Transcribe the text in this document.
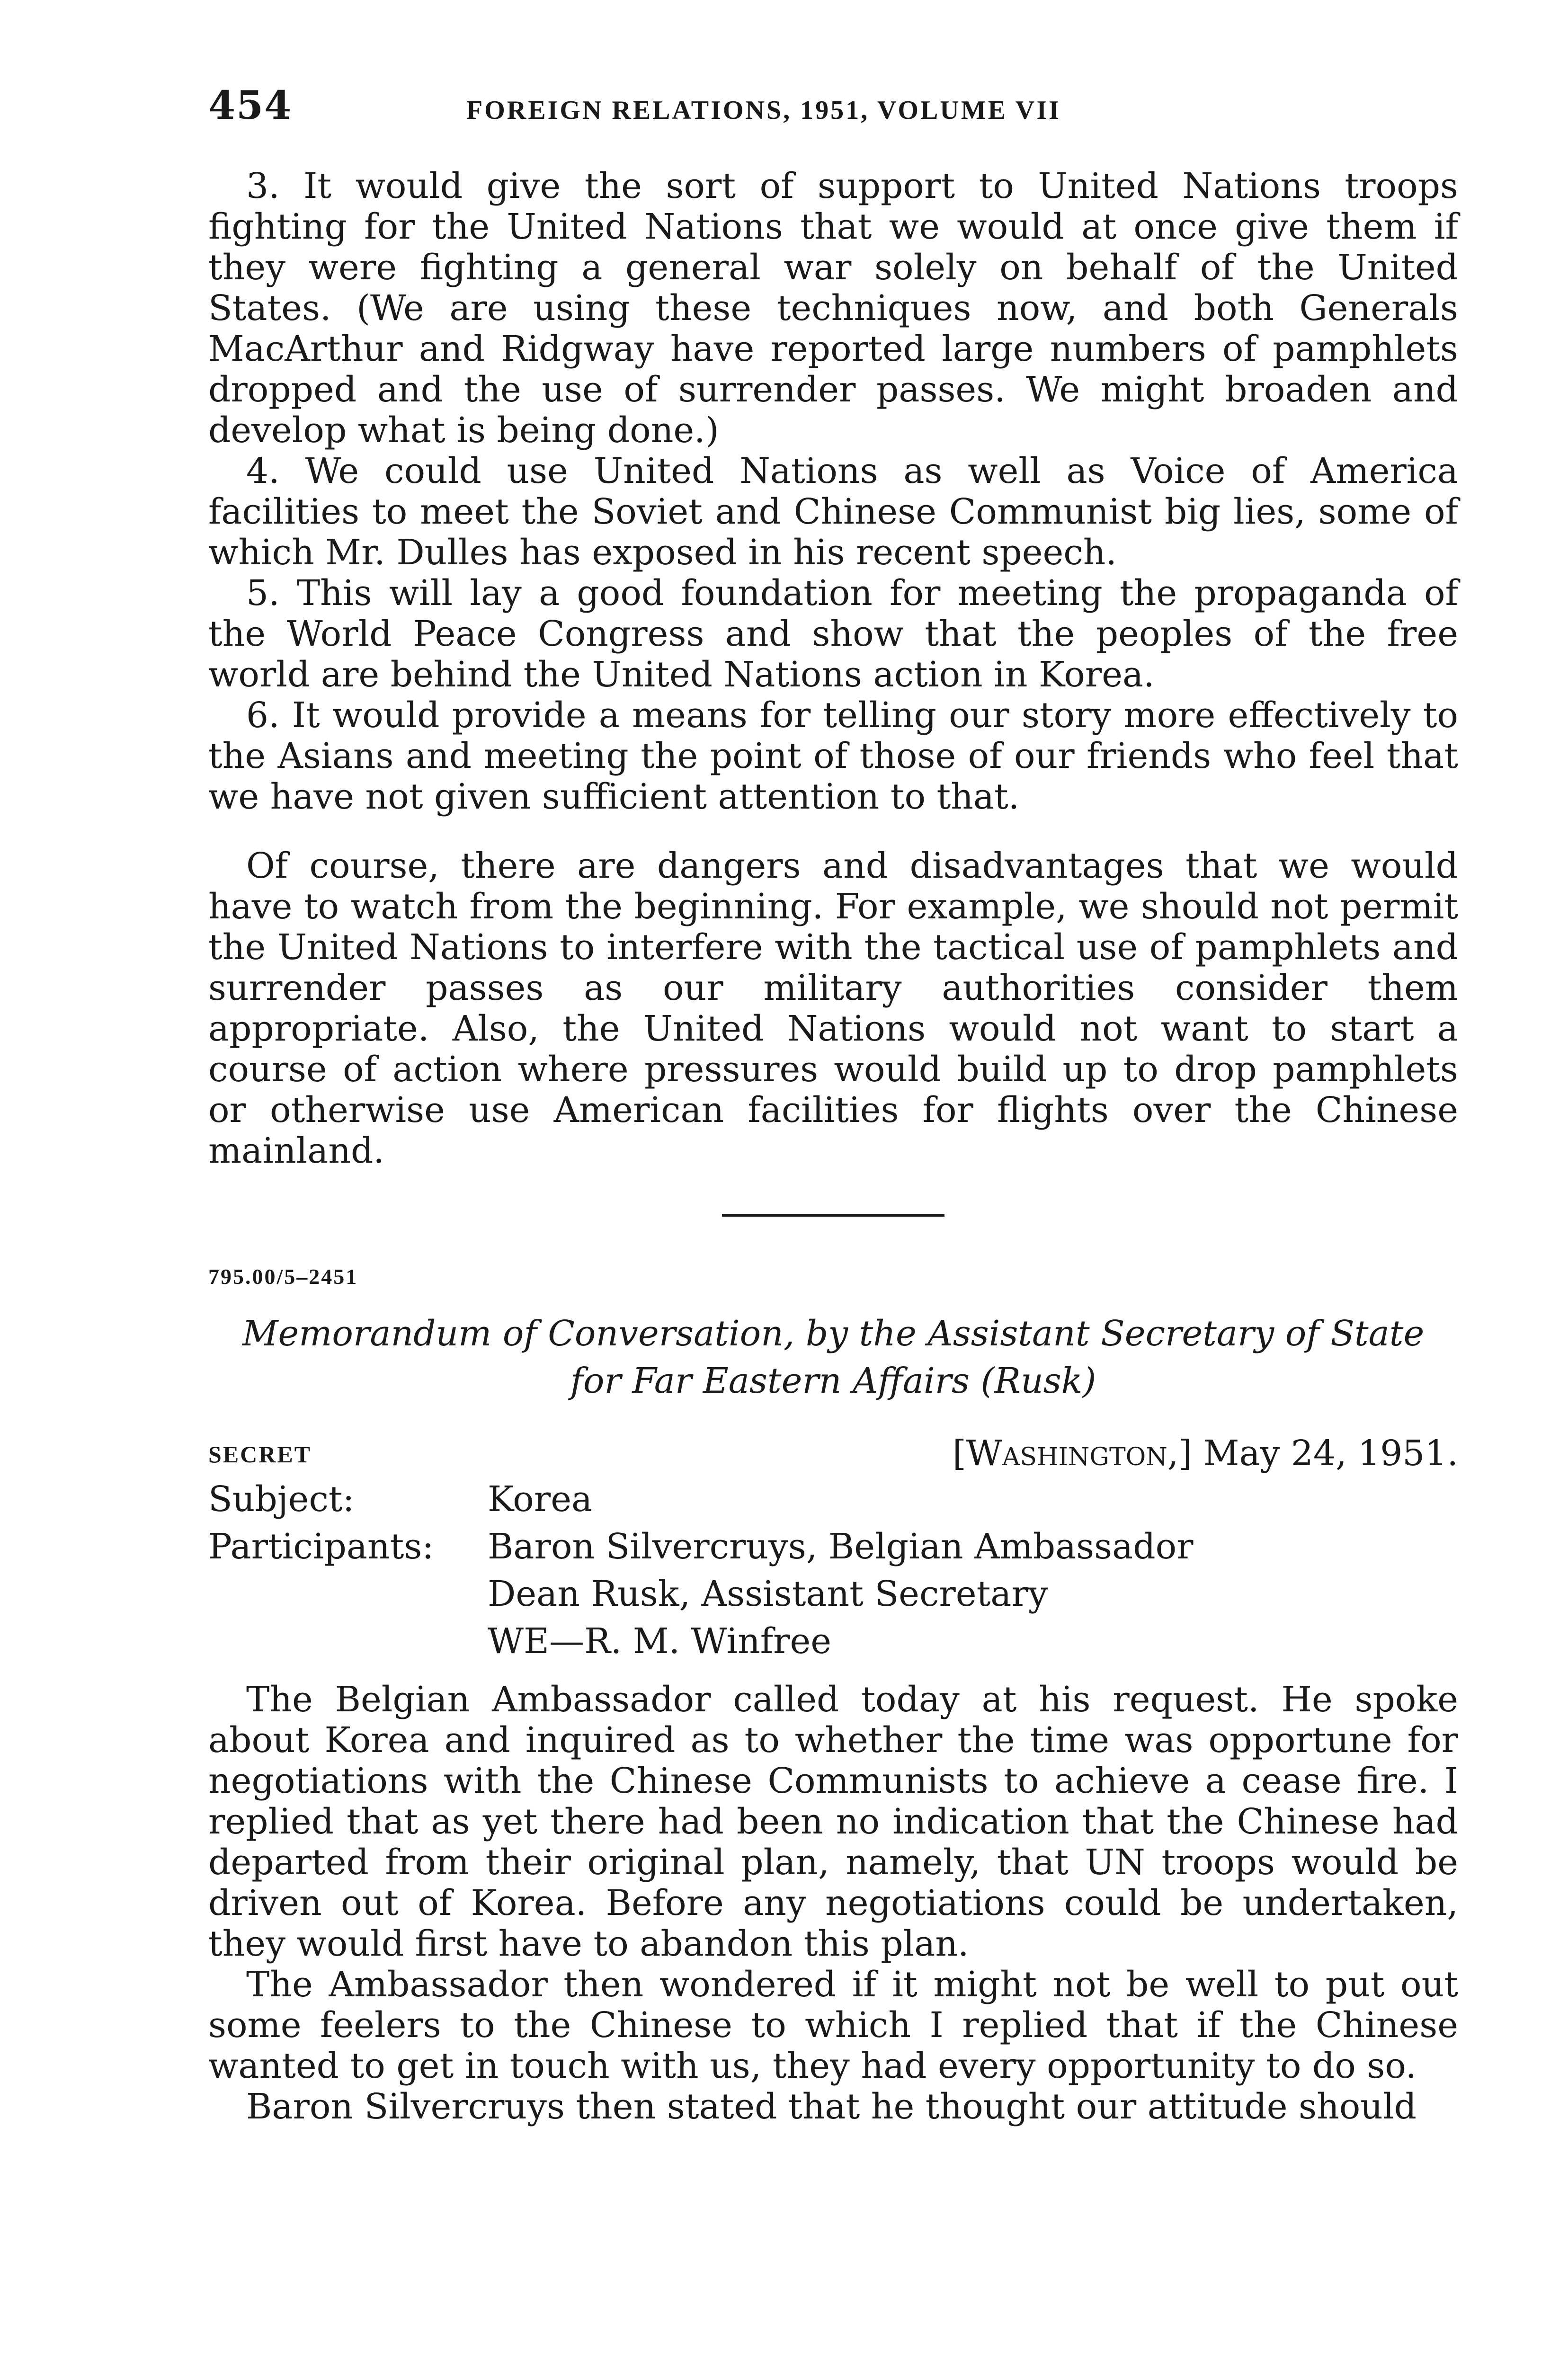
454	FOREIGN RELATIONS, 1951, VOLUME VII

3. It would give the sort of support to United Nations troops fighting for the United Nations that we would at once give them if they were fighting a general war solely on behalf of the United States. (We are using these techniques now, and both Generals MacArthur and Ridgway have reported large numbers of pamphlets dropped and the use of surrender passes. We might broaden and develop what is being done.)

4. We could use United Nations as well as Voice of America facilities to meet the Soviet and Chinese Communist big lies, some of which Mr. Dulles has exposed in his recent speech.

5. This will lay a good foundation for meeting the propaganda of the World Peace Congress and show that the peoples of the free world are behind the United Nations action in Korea.

6. It would provide a means for telling our story more effectively to the Asians and meeting the point of those of our friends who feel that we have not given sufficient attention to that.

Of course, there are dangers and disadvantages that we would have to watch from the beginning. For example, we should not permit the United Nations to interfere with the tactical use of pamphlets and surrender passes as our military authorities consider them appropriate. Also, the United Nations would not want to start a course of action where pressures would build up to drop pamphlets or otherwise use American facilities for flights over the Chinese mainland.

795.00/5–2451
Memorandum of Conversation, by the Assistant Secretary of State
for Far Eastern Affairs (Rusk)
SECRET	[Washington,] May 24, 1951.
Subject:	Korea
Participants:	Baron Silvercruys, Belgian Ambassador
Dean Rusk, Assistant Secretary
WE—R. M. Winfree

The Belgian Ambassador called today at his request. He spoke about Korea and inquired as to whether the time was opportune for negotiations with the Chinese Communists to achieve a cease fire. I replied that as yet there had been no indication that the Chinese had departed from their original plan, namely, that UN troops would be driven out of Korea. Before any negotiations could be undertaken, they would first have to abandon this plan.

The Ambassador then wondered if it might not be well to put out some feelers to the Chinese to which I replied that if the Chinese wanted to get in touch with us, they had every opportunity to do so.

Baron Silvercruys then stated that he thought our attitude should
